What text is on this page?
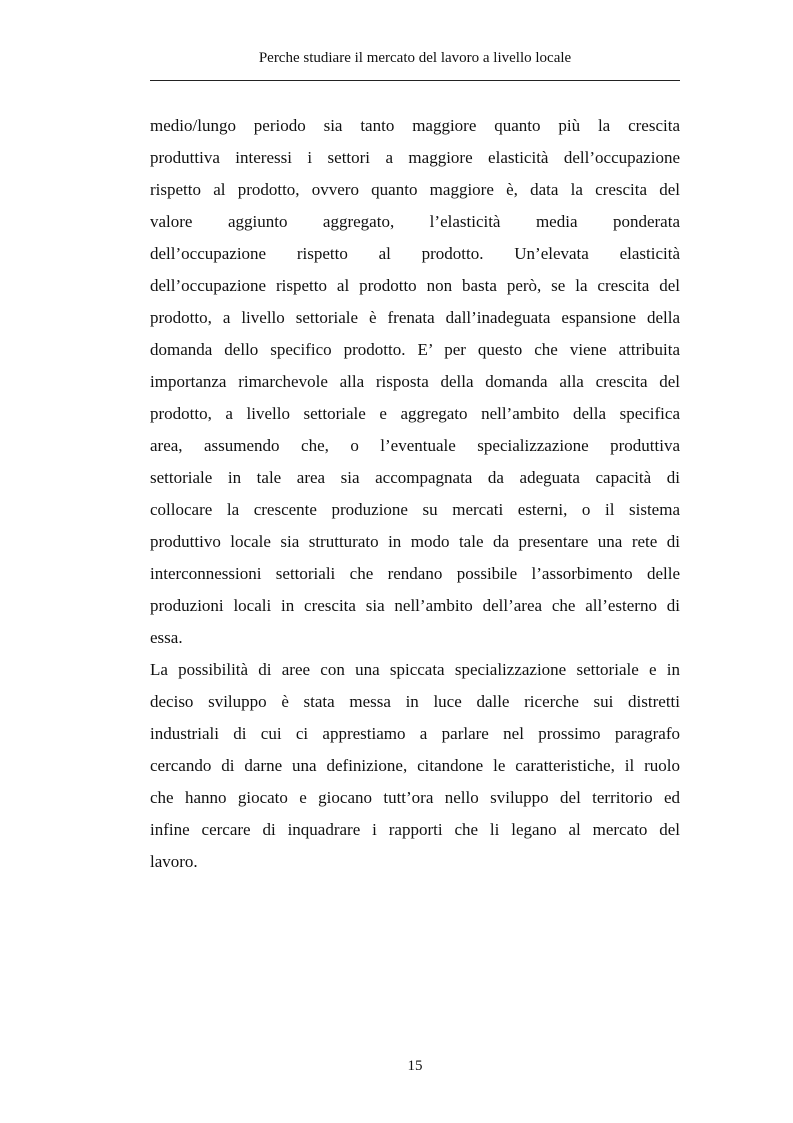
Perche studiare il mercato del lavoro a livello locale

medio/lungo periodo sia tanto maggiore quanto più la crescita
produttiva interessi i settori a maggiore elasticità dell’occupazione
rispetto al prodotto, ovvero quanto maggiore è, data la crescita del
valore aggiunto aggregato, l’elasticità media ponderata
dell’occupazione rispetto al prodotto. Un’elevata elasticità
dell’occupazione rispetto al prodotto non basta però, se la crescita del
prodotto, a livello settoriale è frenata dall’inadeguata espansione della
domanda dello specifico prodotto. E’ per questo che viene attribuita
importanza rimarchevole alla risposta della domanda alla crescita del
prodotto, a livello settoriale e aggregato nell’ambito della specifica
area, assumendo che, o l’eventuale specializzazione produttiva
settoriale in tale area sia accompagnata da adeguata capacità di
collocare la crescente produzione su mercati esterni, o il sistema
produttivo locale sia strutturato in modo tale da presentare una rete di
interconnessioni settoriali che rendano possibile l’assorbimento delle
produzioni locali in crescita sia nell’ambito dell’area che all’esterno di
essa.

La possibilità di aree con una spiccata specializzazione settoriale e in
deciso sviluppo è stata messa in luce dalle ricerche sui distretti
industriali di cui ci apprestiamo a parlare nel prossimo paragrafo
cercando di darne una definizione, citandone le caratteristiche, il ruolo
che hanno giocato e giocano tutt’ora nello sviluppo del territorio ed
infine cercare di inquadrare i rapporti che li legano al mercato del
lavoro.

15
